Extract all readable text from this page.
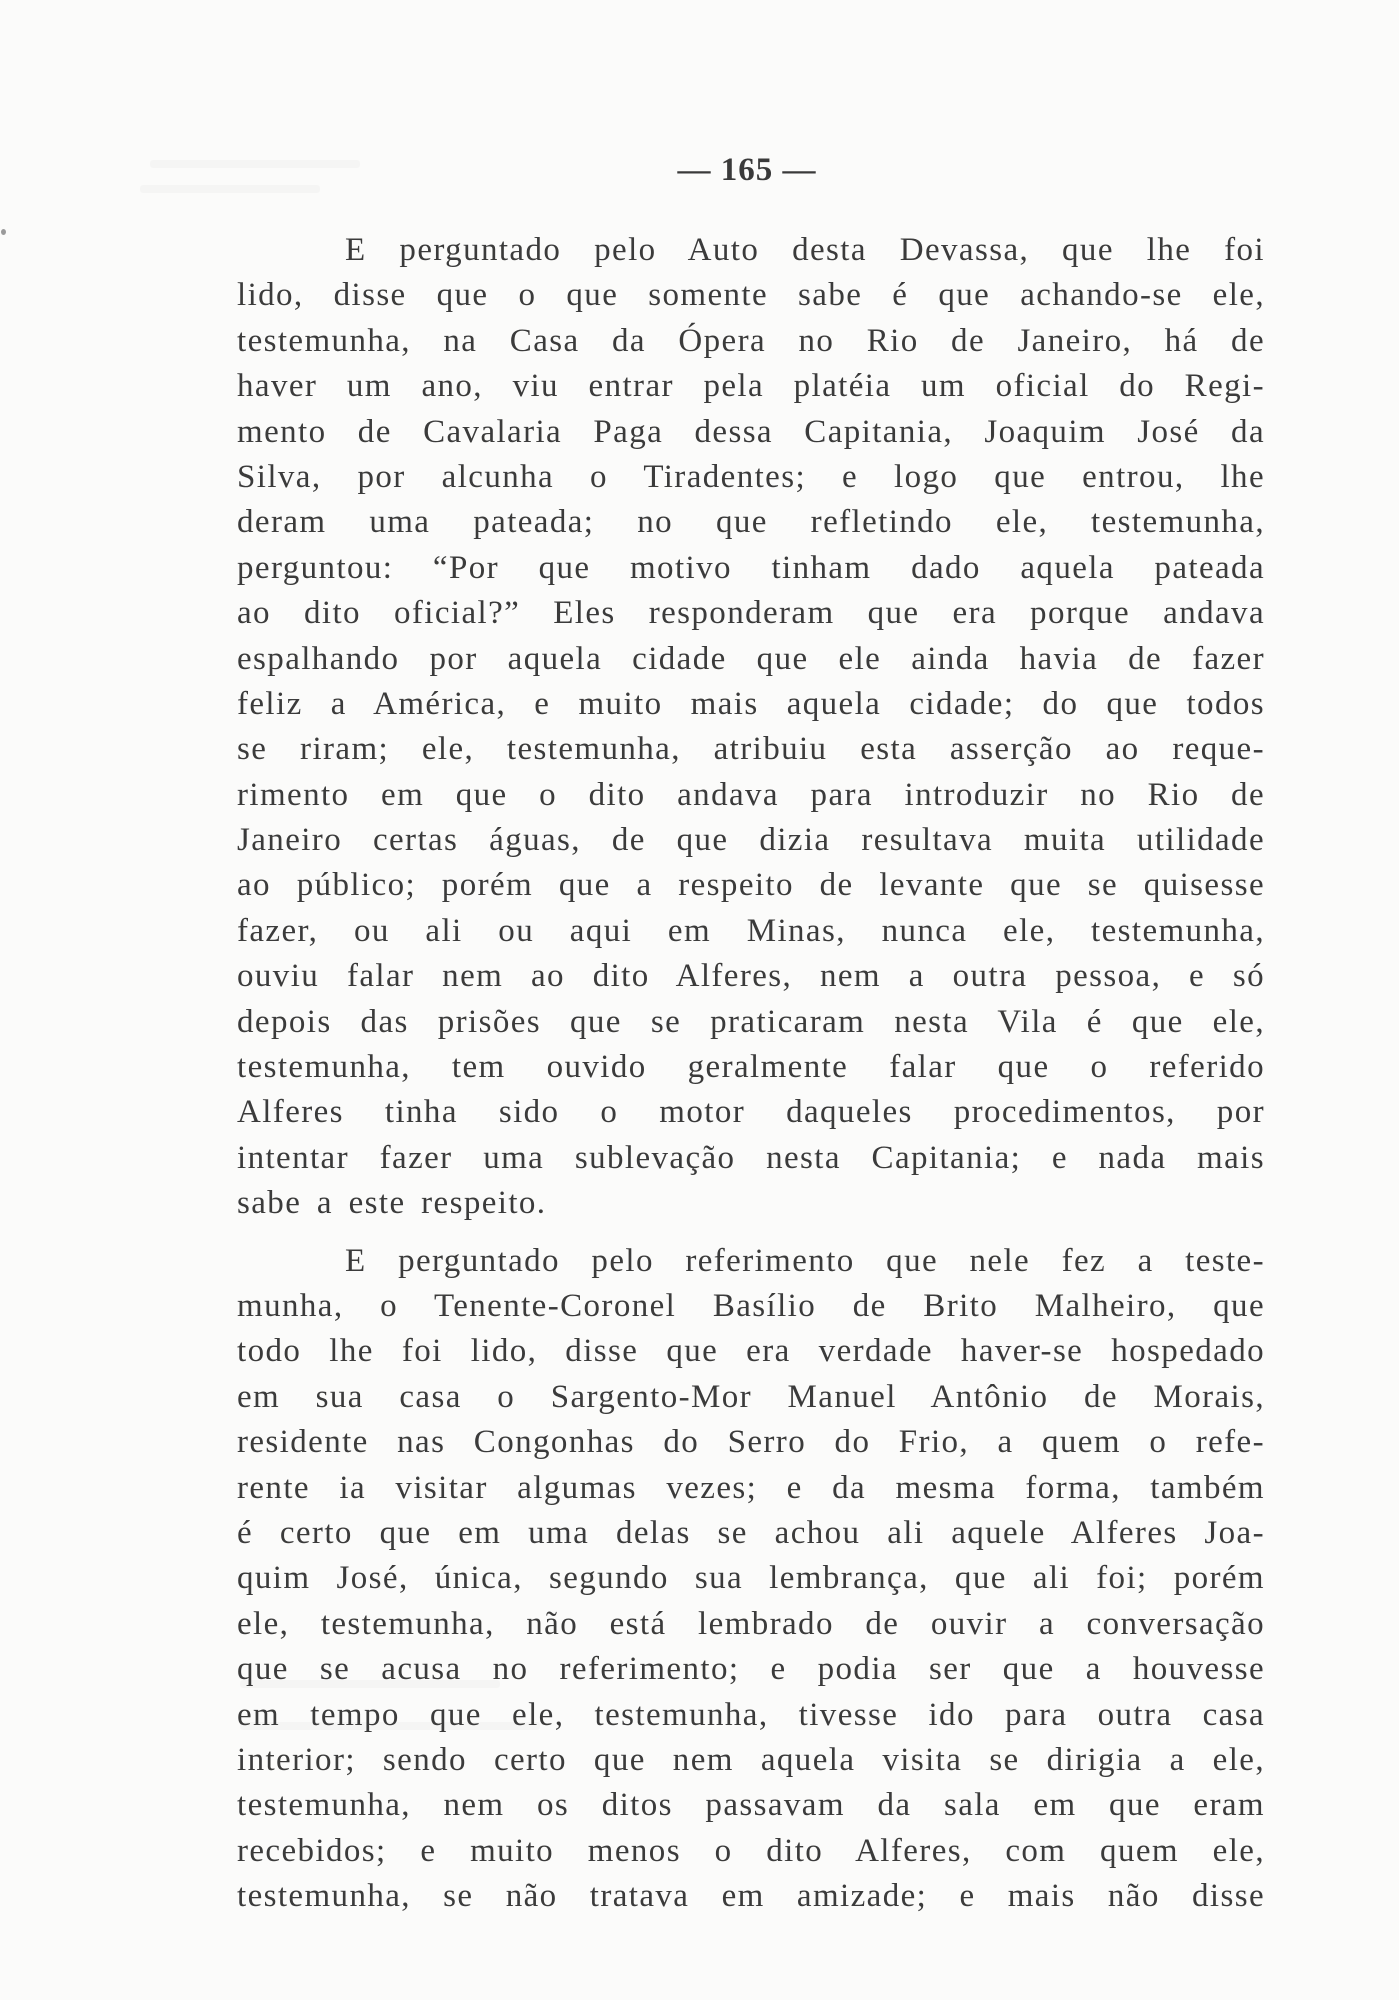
— 165 —
E perguntado pelo Auto desta Devassa, que lhe foi
lido, disse que o que somente sabe é que achando-se ele,
testemunha, na Casa da Ópera no Rio de Janeiro, há de
haver um ano, viu entrar pela platéia um oficial do Regi-
mento de Cavalaria Paga dessa Capitania, Joaquim José da
Silva, por alcunha o Tiradentes; e logo que entrou, lhe
deram uma pateada; no que refletindo ele, testemunha,
perguntou: “Por que motivo tinham dado aquela pateada
ao dito oficial?” Eles responderam que era porque andava
espalhando por aquela cidade que ele ainda havia de fazer
feliz a América, e muito mais aquela cidade; do que todos
se riram; ele, testemunha, atribuiu esta asserção ao reque-
rimento em que o dito andava para introduzir no Rio de
Janeiro certas águas, de que dizia resultava muita utilidade
ao público; porém que a respeito de levante que se quisesse
fazer, ou ali ou aqui em Minas, nunca ele, testemunha,
ouviu falar nem ao dito Alferes, nem a outra pessoa, e só
depois das prisões que se praticaram nesta Vila é que ele,
testemunha, tem ouvido geralmente falar que o referido
Alferes tinha sido o motor daqueles procedimentos, por
intentar fazer uma sublevação nesta Capitania; e nada mais
sabe a este respeito.
E perguntado pelo referimento que nele fez a teste-
munha, o Tenente-Coronel Basílio de Brito Malheiro, que
todo lhe foi lido, disse que era verdade haver-se hospedado
em sua casa o Sargento-Mor Manuel Antônio de Morais,
residente nas Congonhas do Serro do Frio, a quem o refe-
rente ia visitar algumas vezes; e da mesma forma, também
é certo que em uma delas se achou ali aquele Alferes Joa-
quim José, única, segundo sua lembrança, que ali foi; porém
ele, testemunha, não está lembrado de ouvir a conversação
que se acusa no referimento; e podia ser que a houvesse
em tempo que ele, testemunha, tivesse ido para outra casa
interior; sendo certo que nem aquela visita se dirigia a ele,
testemunha, nem os ditos passavam da sala em que eram
recebidos; e muito menos o dito Alferes, com quem ele,
testemunha, se não tratava em amizade; e mais não disse
